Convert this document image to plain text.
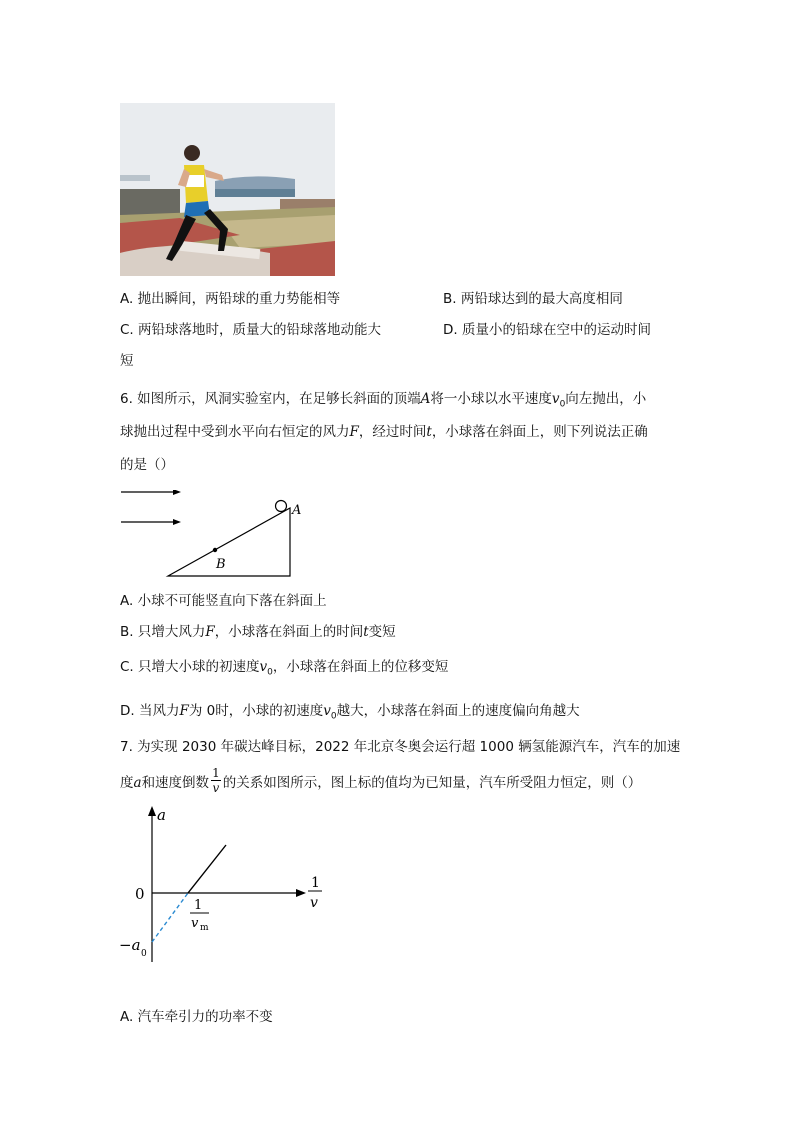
A. 抛出瞬间，两铅球的重力势能相等	B. 两铅球达到的最大高度相同
C. 两铅球落地时，质量大的铅球落地动能大	D. 质量小的铅球在空中的运动时间
短
6. 如图所示，风洞实验室内，在足够长斜面的顶端A将一小球以水平速度$v_0$向左抛出，小
球抛出过程中受到水平向右恒定的风力F，经过时间t，小球落在斜面上，则下列说法正确
的是（）
A
B
A. 小球不可能竖直向下落在斜面上
B. 只增大风力F，小球落在斜面上的时间t变短
C. 只增大小球的初速度$v_0$，小球落在斜面上的位移变短
D. 当风力F为 0时，小球的初速度$v_0$越大，小球落在斜面上的速度偏向角越大
7. 为实现 2030 年碳达峰目标，2022 年北京冬奥会运行超 1000 辆氢能源汽车，汽车的加速
度a和速度倒数 $\frac{1}{v}$ 的关系如图所示，图上标的值均为已知量，汽车所受阻力恒定，则（）
a
0
1
v
1
v m
−a 0
A. 汽车牵引力的功率不变
